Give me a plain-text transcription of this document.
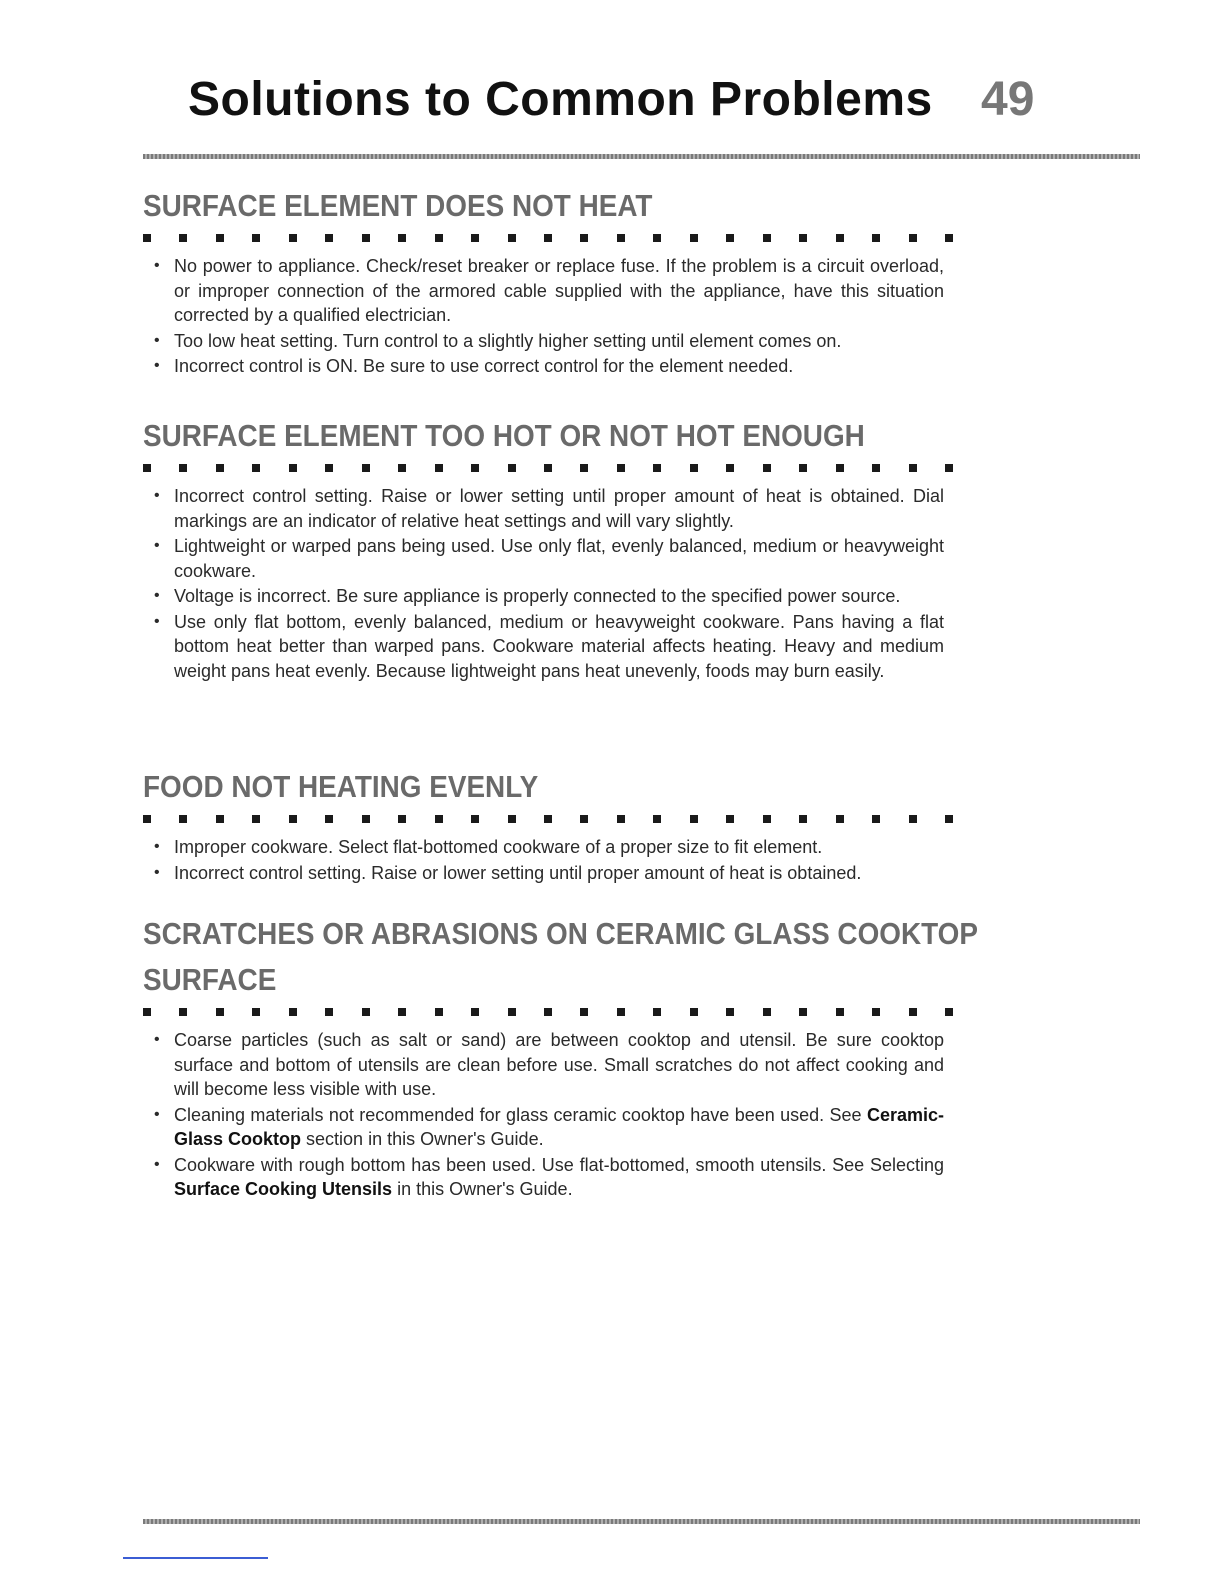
Solutions to Common Problems 49
SURFACE ELEMENT DOES NOT HEAT
• No power to appliance. Check/reset breaker or replace fuse. If the problem is a circuit overload, or improper connection of the armored cable supplied with the appliance, have this situation corrected by a qualified electrician.
• Too low heat setting. Turn control to a slightly higher setting until element comes on.
• Incorrect control is ON. Be sure to use correct control for the element needed.
SURFACE ELEMENT TOO HOT OR NOT HOT ENOUGH
• Incorrect control setting. Raise or lower setting until proper amount of heat is obtained. Dial markings are an indicator of relative heat settings and will vary slightly.
• Lightweight or warped pans being used. Use only flat, evenly balanced, medium or heavyweight cookware.
• Voltage is incorrect. Be sure appliance is properly connected to the specified power source.
• Use only flat bottom, evenly balanced, medium or heavyweight cookware. Pans having a flat bottom heat better than warped pans. Cookware material affects heating. Heavy and medium weight pans heat evenly. Because lightweight pans heat unevenly, foods may burn easily.
FOOD NOT HEATING EVENLY
• Improper cookware. Select flat-bottomed cookware of a proper size to fit element.
• Incorrect control setting. Raise or lower setting until proper amount of heat is obtained.
SCRATCHES OR ABRASIONS ON CERAMIC GLASS COOKTOP
SURFACE
• Coarse particles (such as salt or sand) are between cooktop and utensil. Be sure cooktop surface and bottom of utensils are clean before use. Small scratches do not affect cooking and will become less visible with use.
• Cleaning materials not recommended for glass ceramic cooktop have been used. See Ceramic-Glass Cooktop section in this Owner's Guide.
• Cookware with rough bottom has been used. Use flat-bottomed, smooth utensils. See Selecting Surface Cooking Utensils in this Owner's Guide.
